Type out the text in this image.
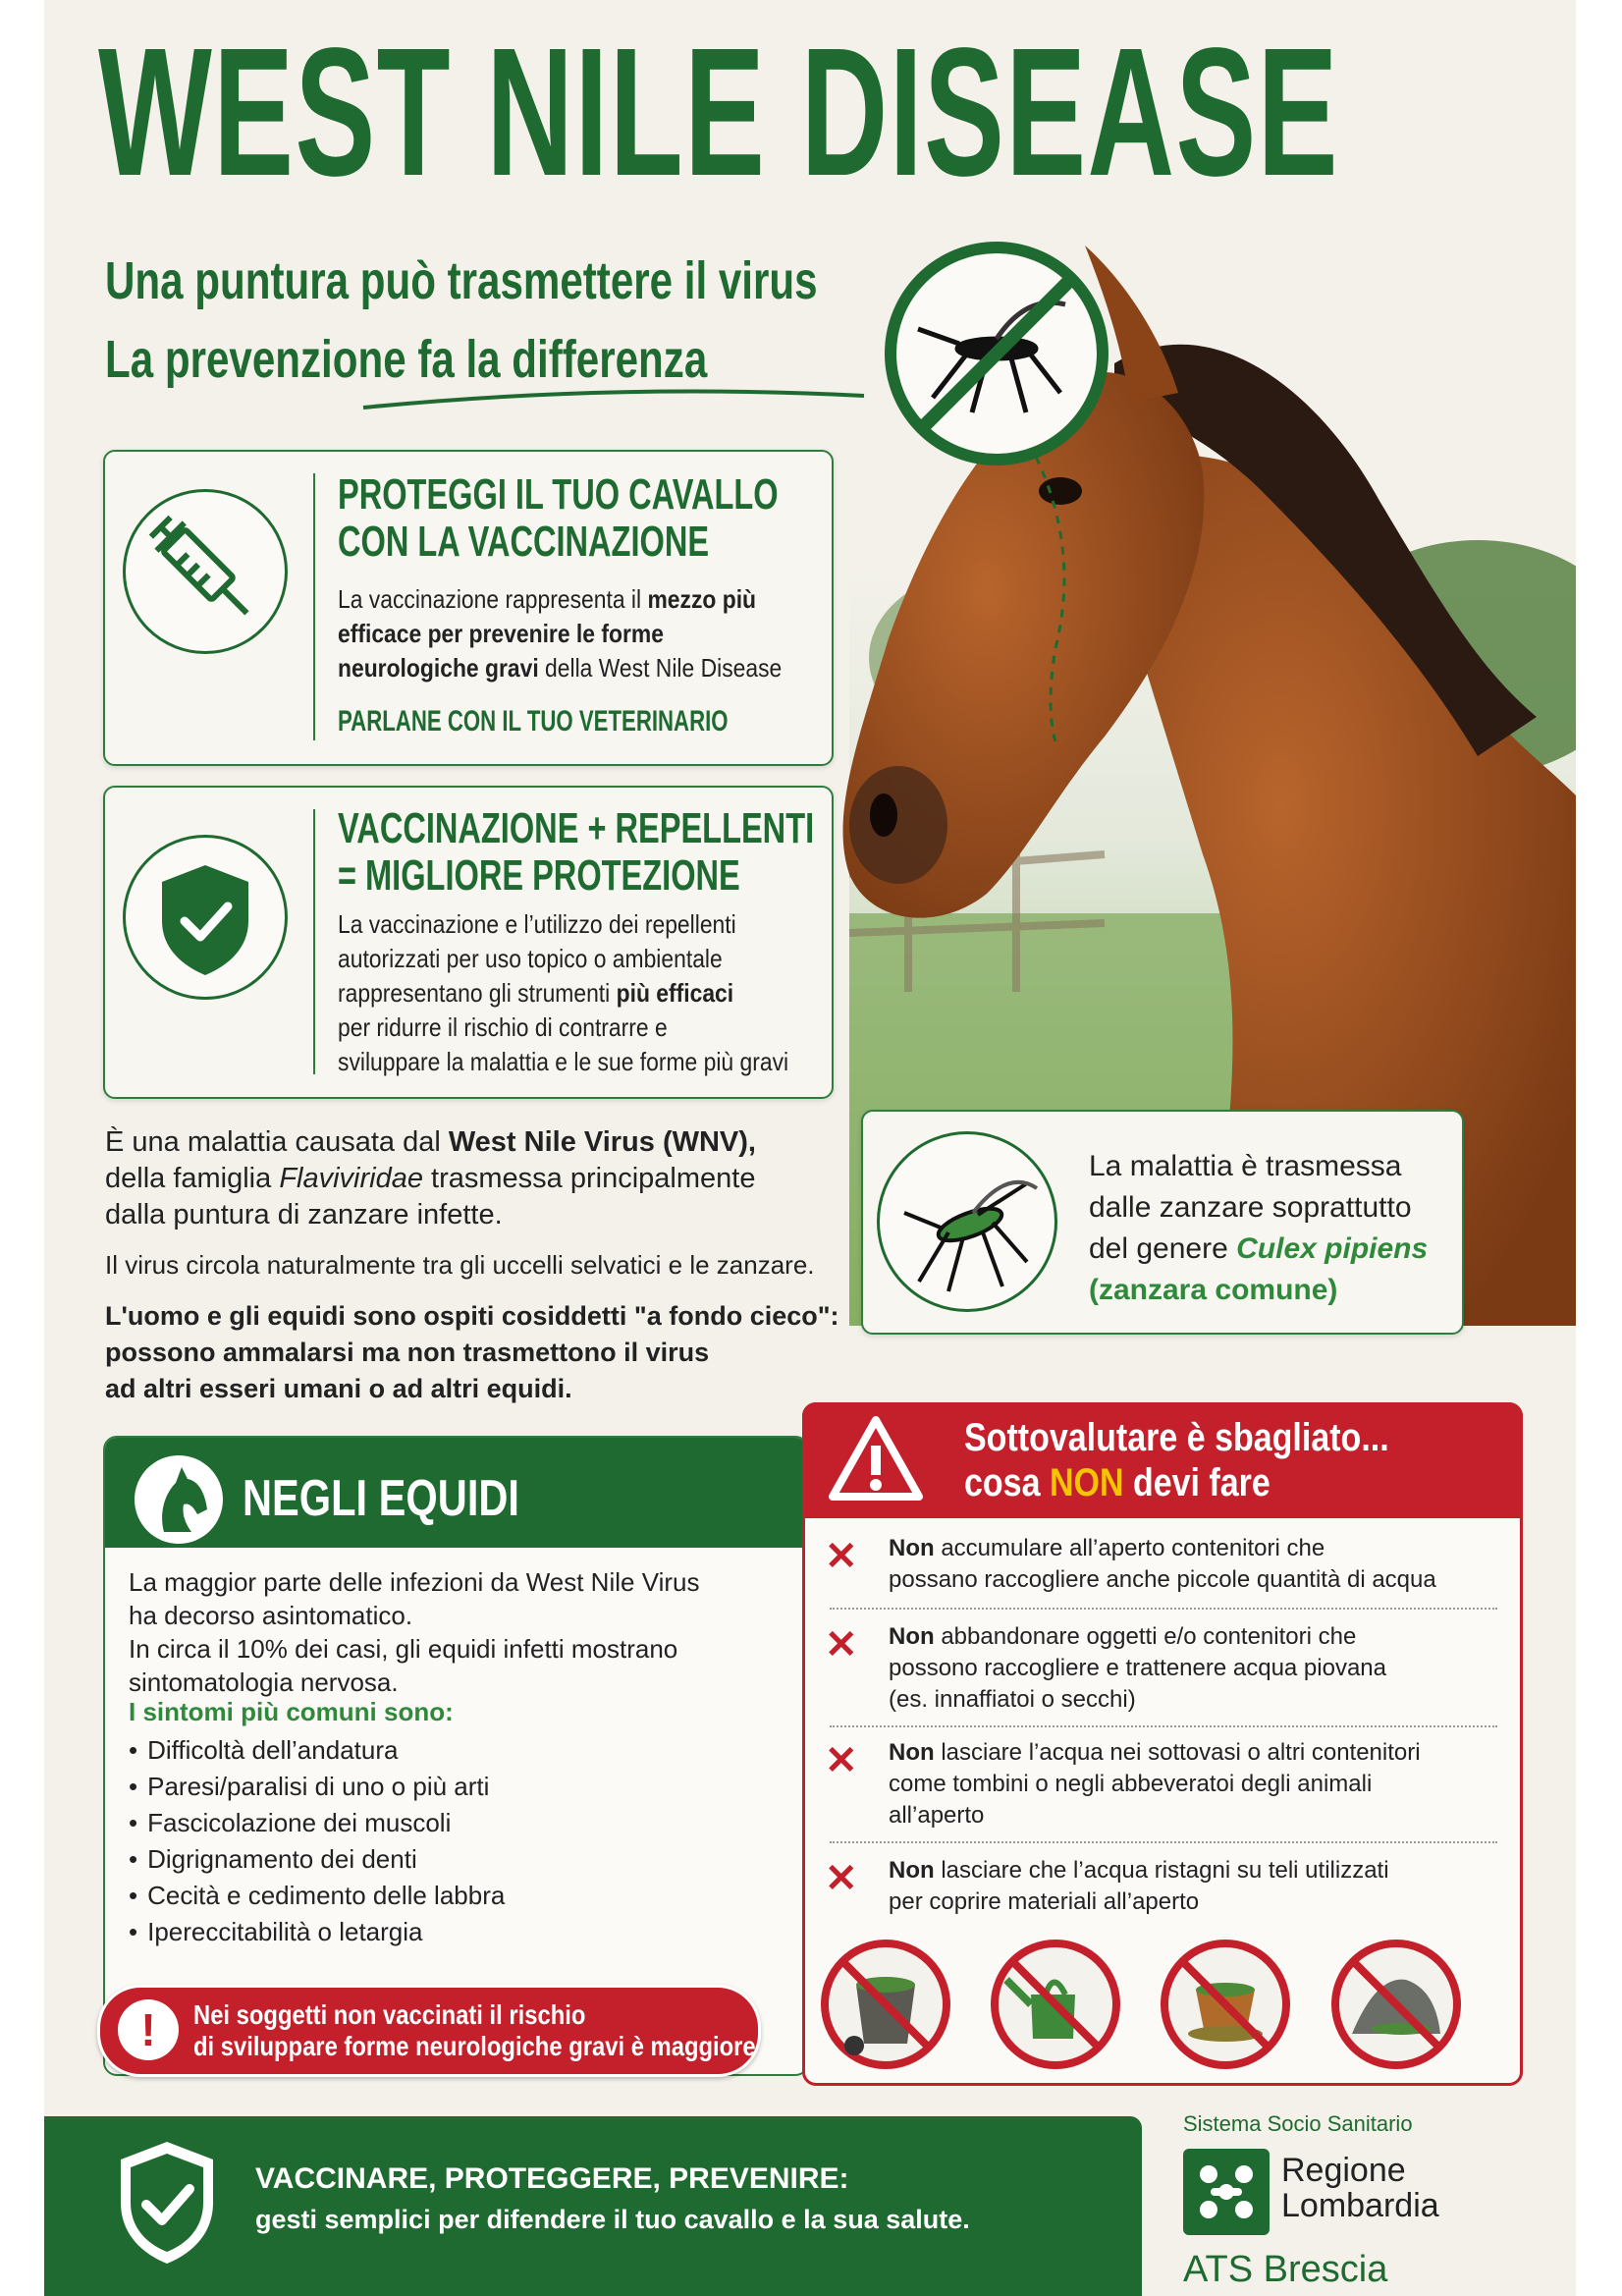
WEST NILE DISEASE
Una puntura può trasmettere il virus
La prevenzione fa la differenza
PROTEGGI IL TUO CAVALLO
CON LA VACCINAZIONE
La vaccinazione rappresenta il mezzo più
efficace per prevenire le forme
neurologiche gravi della West Nile Disease
PARLANE CON IL TUO VETERINARIO
VACCINAZIONE + REPELLENTI
= MIGLIORE PROTEZIONE
La vaccinazione e l’utilizzo dei repellenti
autorizzati per uso topico o ambientale
rappresentano gli strumenti più efficaci
per ridurre il rischio di contrarre e
sviluppare la malattia e le sue forme più gravi
È una malattia causata dal West Nile Virus (WNV),
della famiglia Flaviviridae trasmessa principalmente
dalla puntura di zanzare infette.
Il virus circola naturalmente tra gli uccelli selvatici e le zanzare.
L'uomo e gli equidi sono ospiti cosiddetti "a fondo cieco":
possono ammalarsi ma non trasmettono il virus
ad altri esseri umani o ad altri equidi.
La malattia è trasmessa
dalle zanzare soprattutto
del genere Culex pipiens
(zanzara comune)
NEGLI EQUIDI
La maggior parte delle infezioni da West Nile Virus
ha decorso asintomatico.
In circa il 10% dei casi, gli equidi infetti mostrano
sintomatologia nervosa.
I sintomi più comuni sono:
• Difficoltà dell’andatura
• Paresi/paralisi di uno o più arti
• Fascicolazione dei muscoli
• Digrignamento dei denti
• Cecità e cedimento delle labbra
• Ipereccitabilità o letargia
!	Nei soggetti non vaccinati il rischio
di sviluppare forme neurologiche gravi è maggiore
Sottovalutare è sbagliato...
cosa NON devi fare
✕ Non accumulare all’aperto contenitori che
possano raccogliere anche piccole quantità di acqua
✕ Non abbandonare oggetti e/o contenitori che
possono raccogliere e trattenere acqua piovana
(es. innaffiatoi o secchi)
✕ Non lasciare l’acqua nei sottovasi o altri contenitori
come tombini o negli abbeveratoi degli animali
all’aperto
✕ Non lasciare che l’acqua ristagni su teli utilizzati
per coprire materiali all’aperto
VACCINARE, PROTEGGERE, PREVENIRE:
gesti semplici per difendere il tuo cavallo e la sua salute.
Sistema Socio Sanitario
Regione
Lombardia
ATS Brescia
